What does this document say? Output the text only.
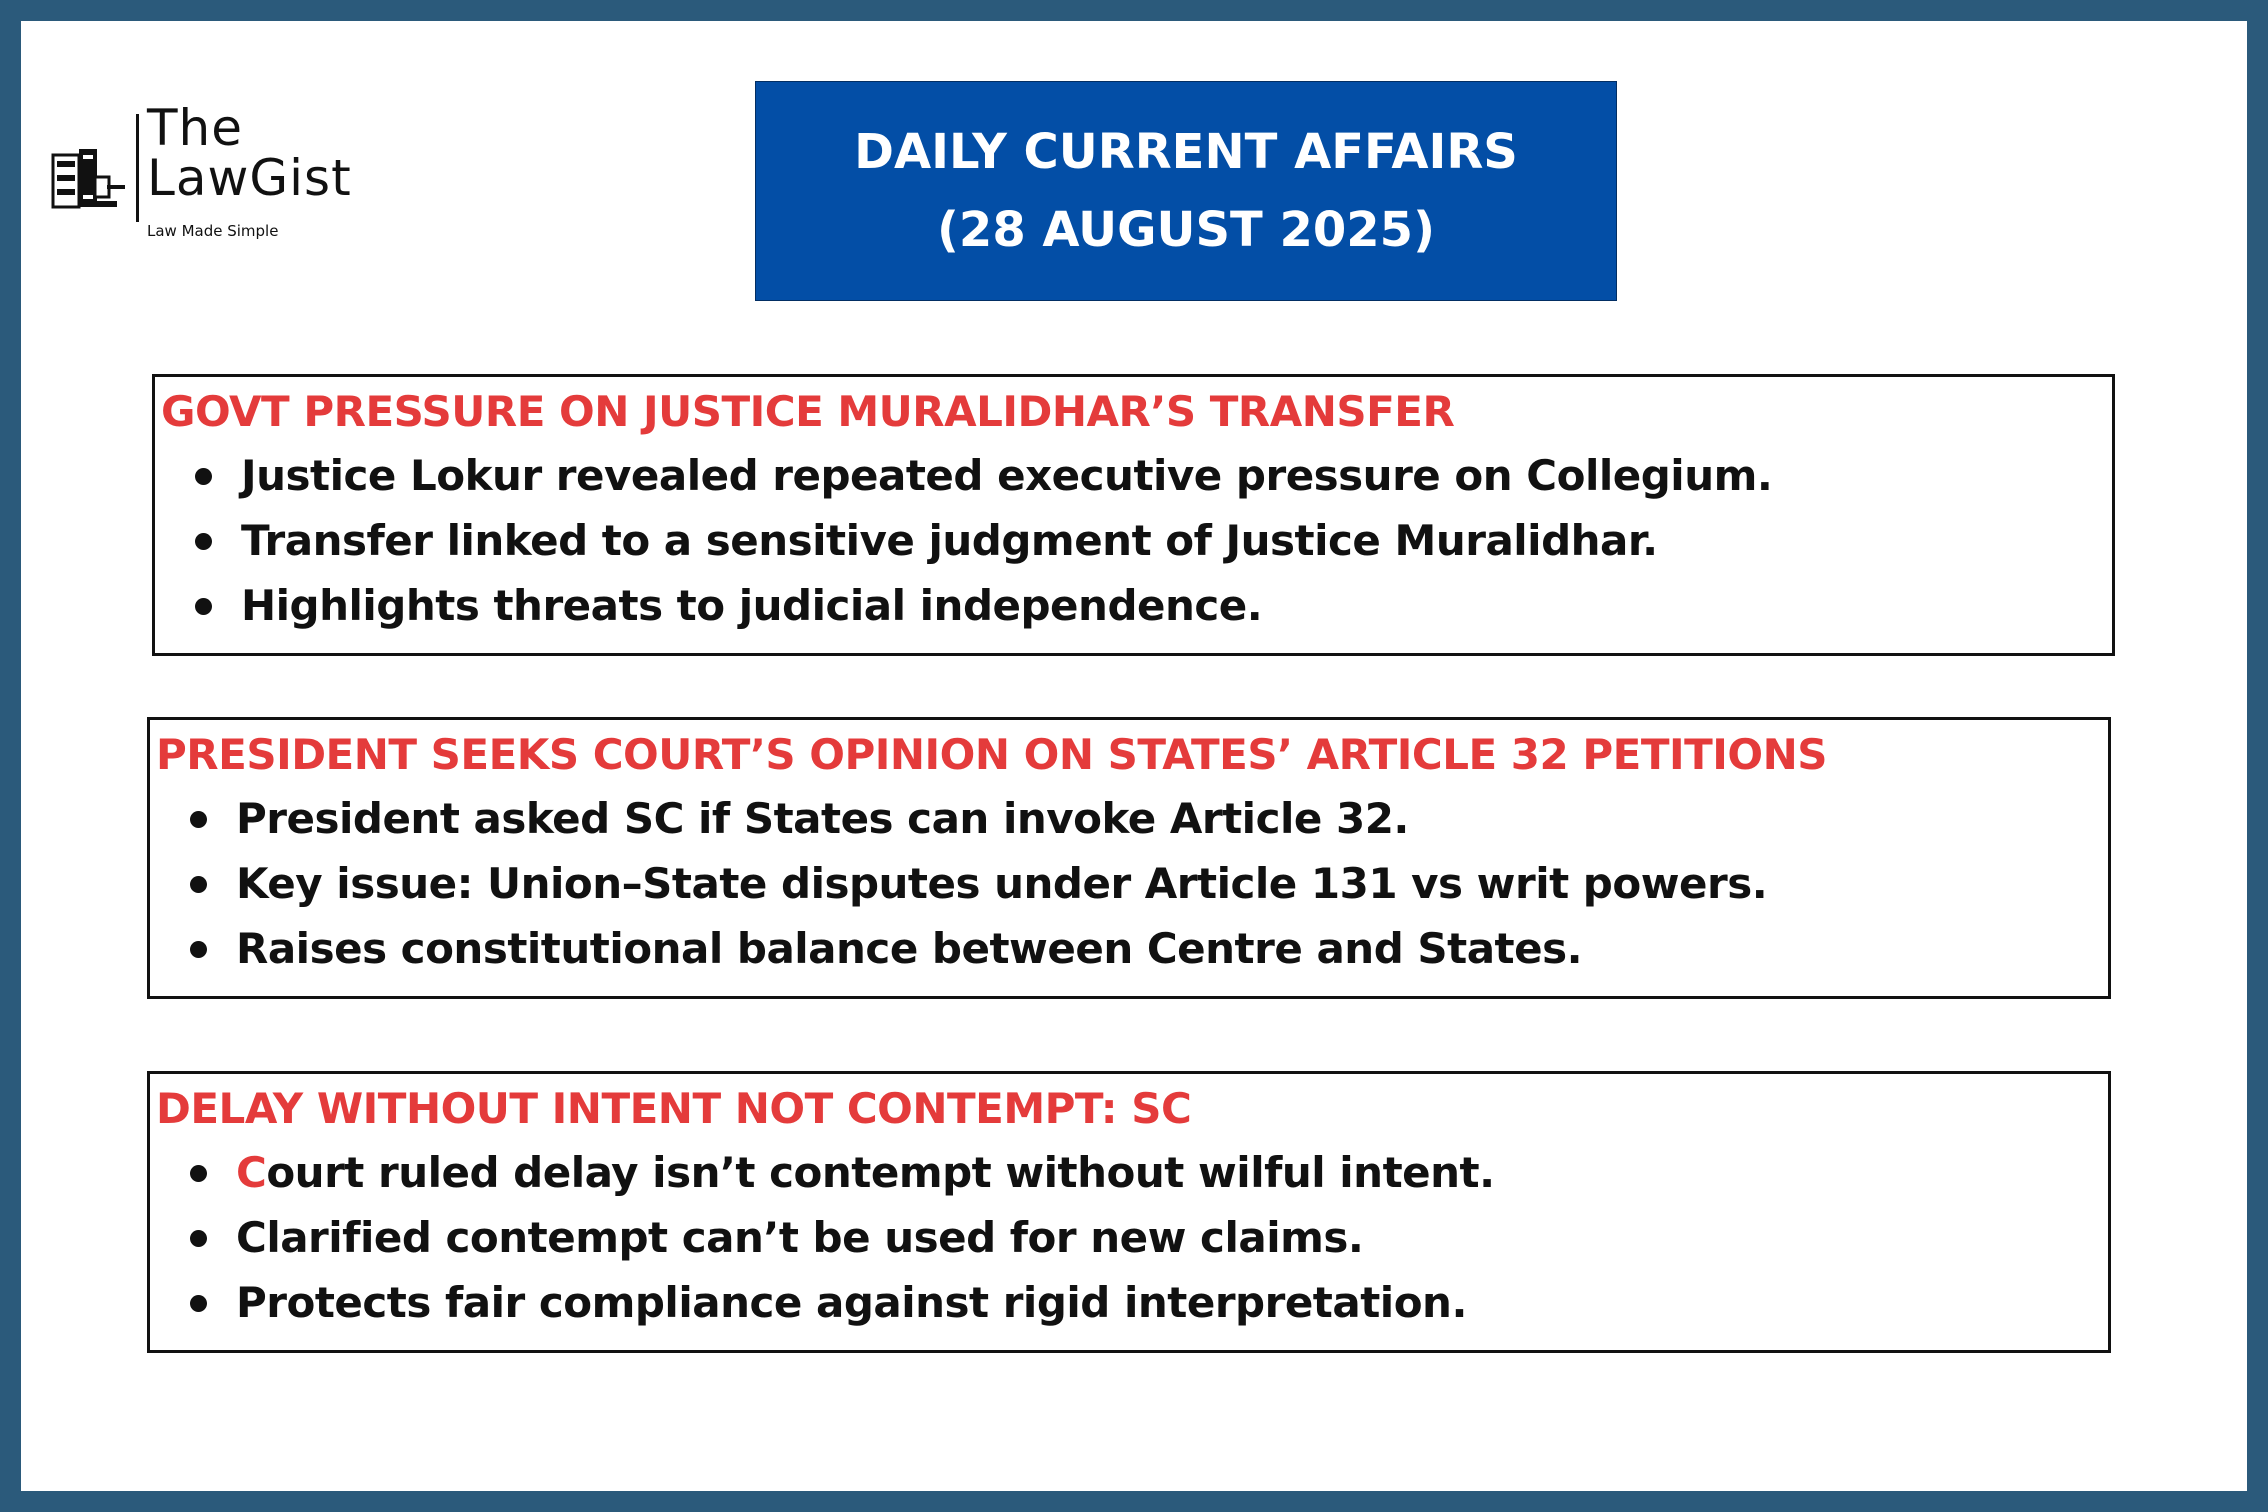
The
LawGist
Law Made Simple
DAILY CURRENT AFFAIRS
(28 AUGUST 2025)
GOVT PRESSURE ON JUSTICE MURALIDHAR’S TRANSFER
Justice Lokur revealed repeated executive pressure on Collegium.
Transfer linked to a sensitive judgment of Justice Muralidhar.
Highlights threats to judicial independence.
PRESIDENT SEEKS COURT’S OPINION ON STATES’ ARTICLE 32 PETITIONS
President asked SC if States can invoke Article 32.
Key issue: Union–State disputes under Article 131 vs writ powers.
Raises constitutional balance between Centre and States.
DELAY WITHOUT INTENT NOT CONTEMPT: SC
Court ruled delay isn’t contempt without wilful intent.
Clarified contempt can’t be used for new claims.
Protects fair compliance against rigid interpretation.
